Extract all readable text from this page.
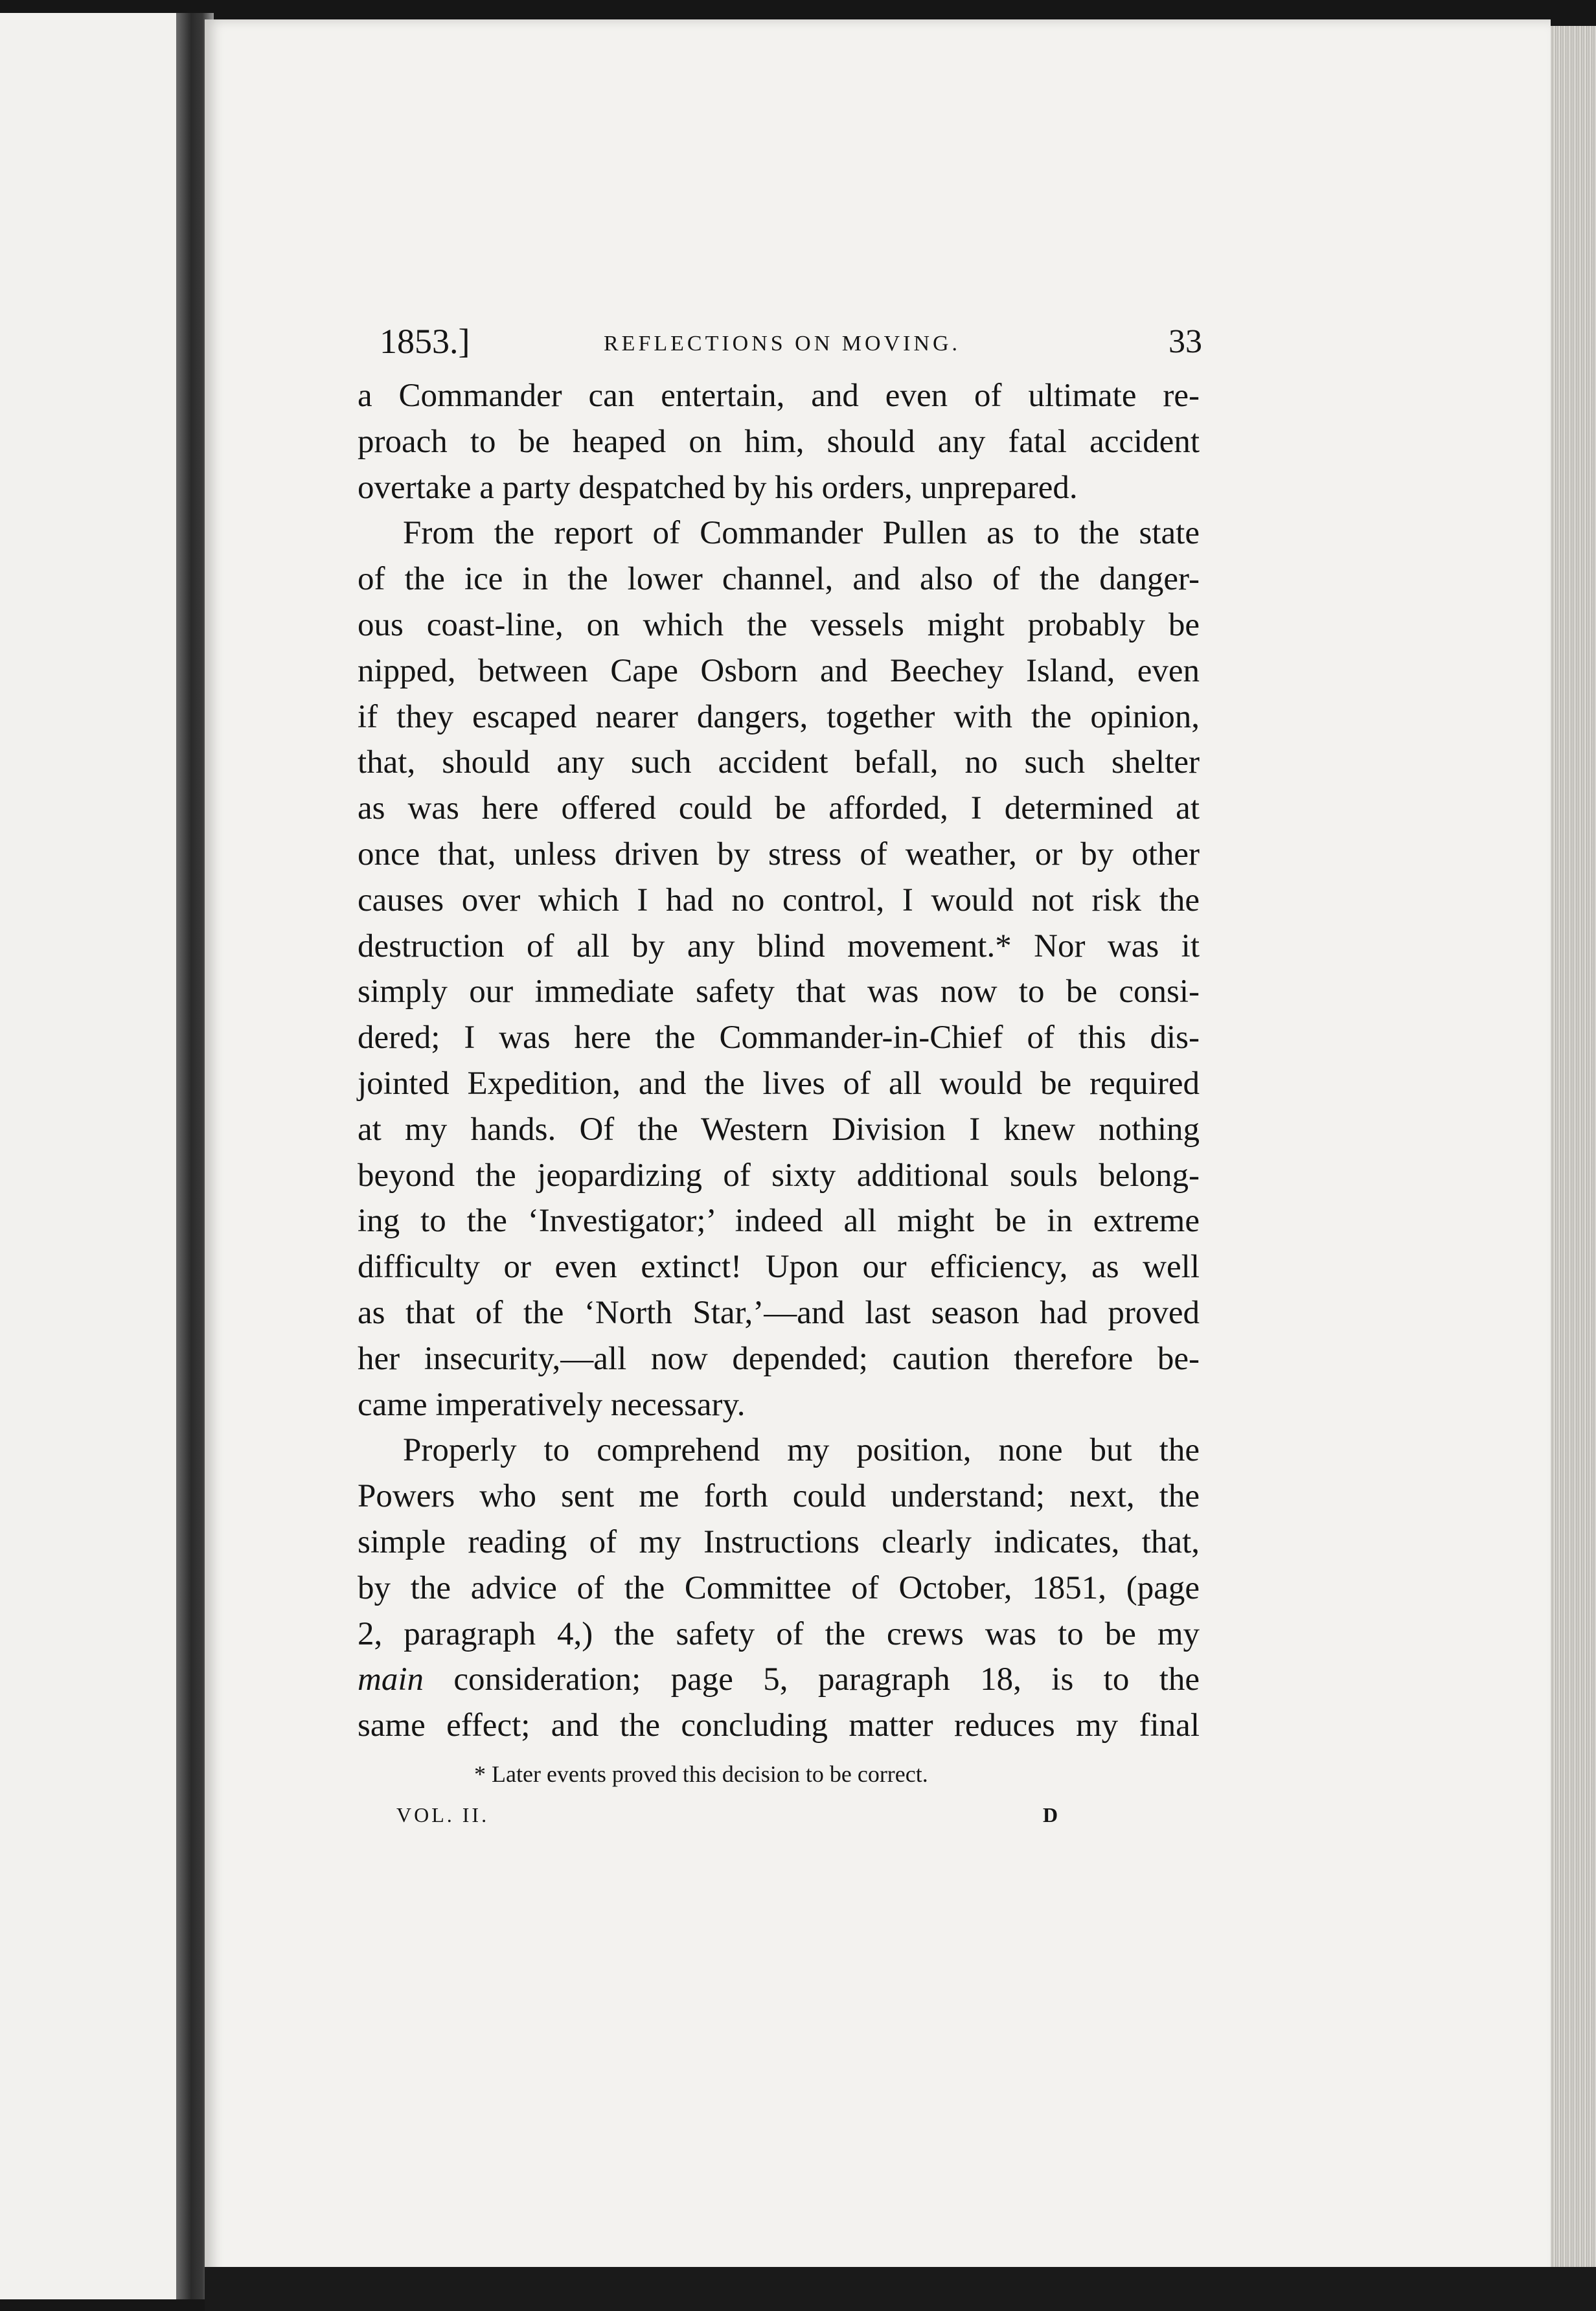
1853.]	REFLECTIONS ON MOVING.	33
a Commander can entertain, and even of ultimate re-
proach to be heaped on him, should any fatal accident
overtake a party despatched by his orders, unprepared.
From the report of Commander Pullen as to the state
of the ice in the lower channel, and also of the danger-
ous coast-line, on which the vessels might probably be
nipped, between Cape Osborn and Beechey Island, even
if they escaped nearer dangers, together with the opinion,
that, should any such accident befall, no such shelter
as was here offered could be afforded, I determined at
once that, unless driven by stress of weather, or by other
causes over which I had no control, I would not risk the
destruction of all by any blind movement.* Nor was it
simply our immediate safety that was now to be consi-
dered; I was here the Commander-in-Chief of this dis-
jointed Expedition, and the lives of all would be required
at my hands. Of the Western Division I knew nothing
beyond the jeopardizing of sixty additional souls belong-
ing to the ‘Investigator;’ indeed all might be in extreme
difficulty or even extinct! Upon our efficiency, as well
as that of the ‘North Star,’—and last season had proved
her insecurity,—all now depended; caution therefore be-
came imperatively necessary.
Properly to comprehend my position, none but the
Powers who sent me forth could understand; next, the
simple reading of my Instructions clearly indicates, that,
by the advice of the Committee of October, 1851, (page
2, paragraph 4,) the safety of the crews was to be my
main consideration; page 5, paragraph 18, is to the
same effect; and the concluding matter reduces my final
* Later events proved this decision to be correct.
VOL. II.	D
